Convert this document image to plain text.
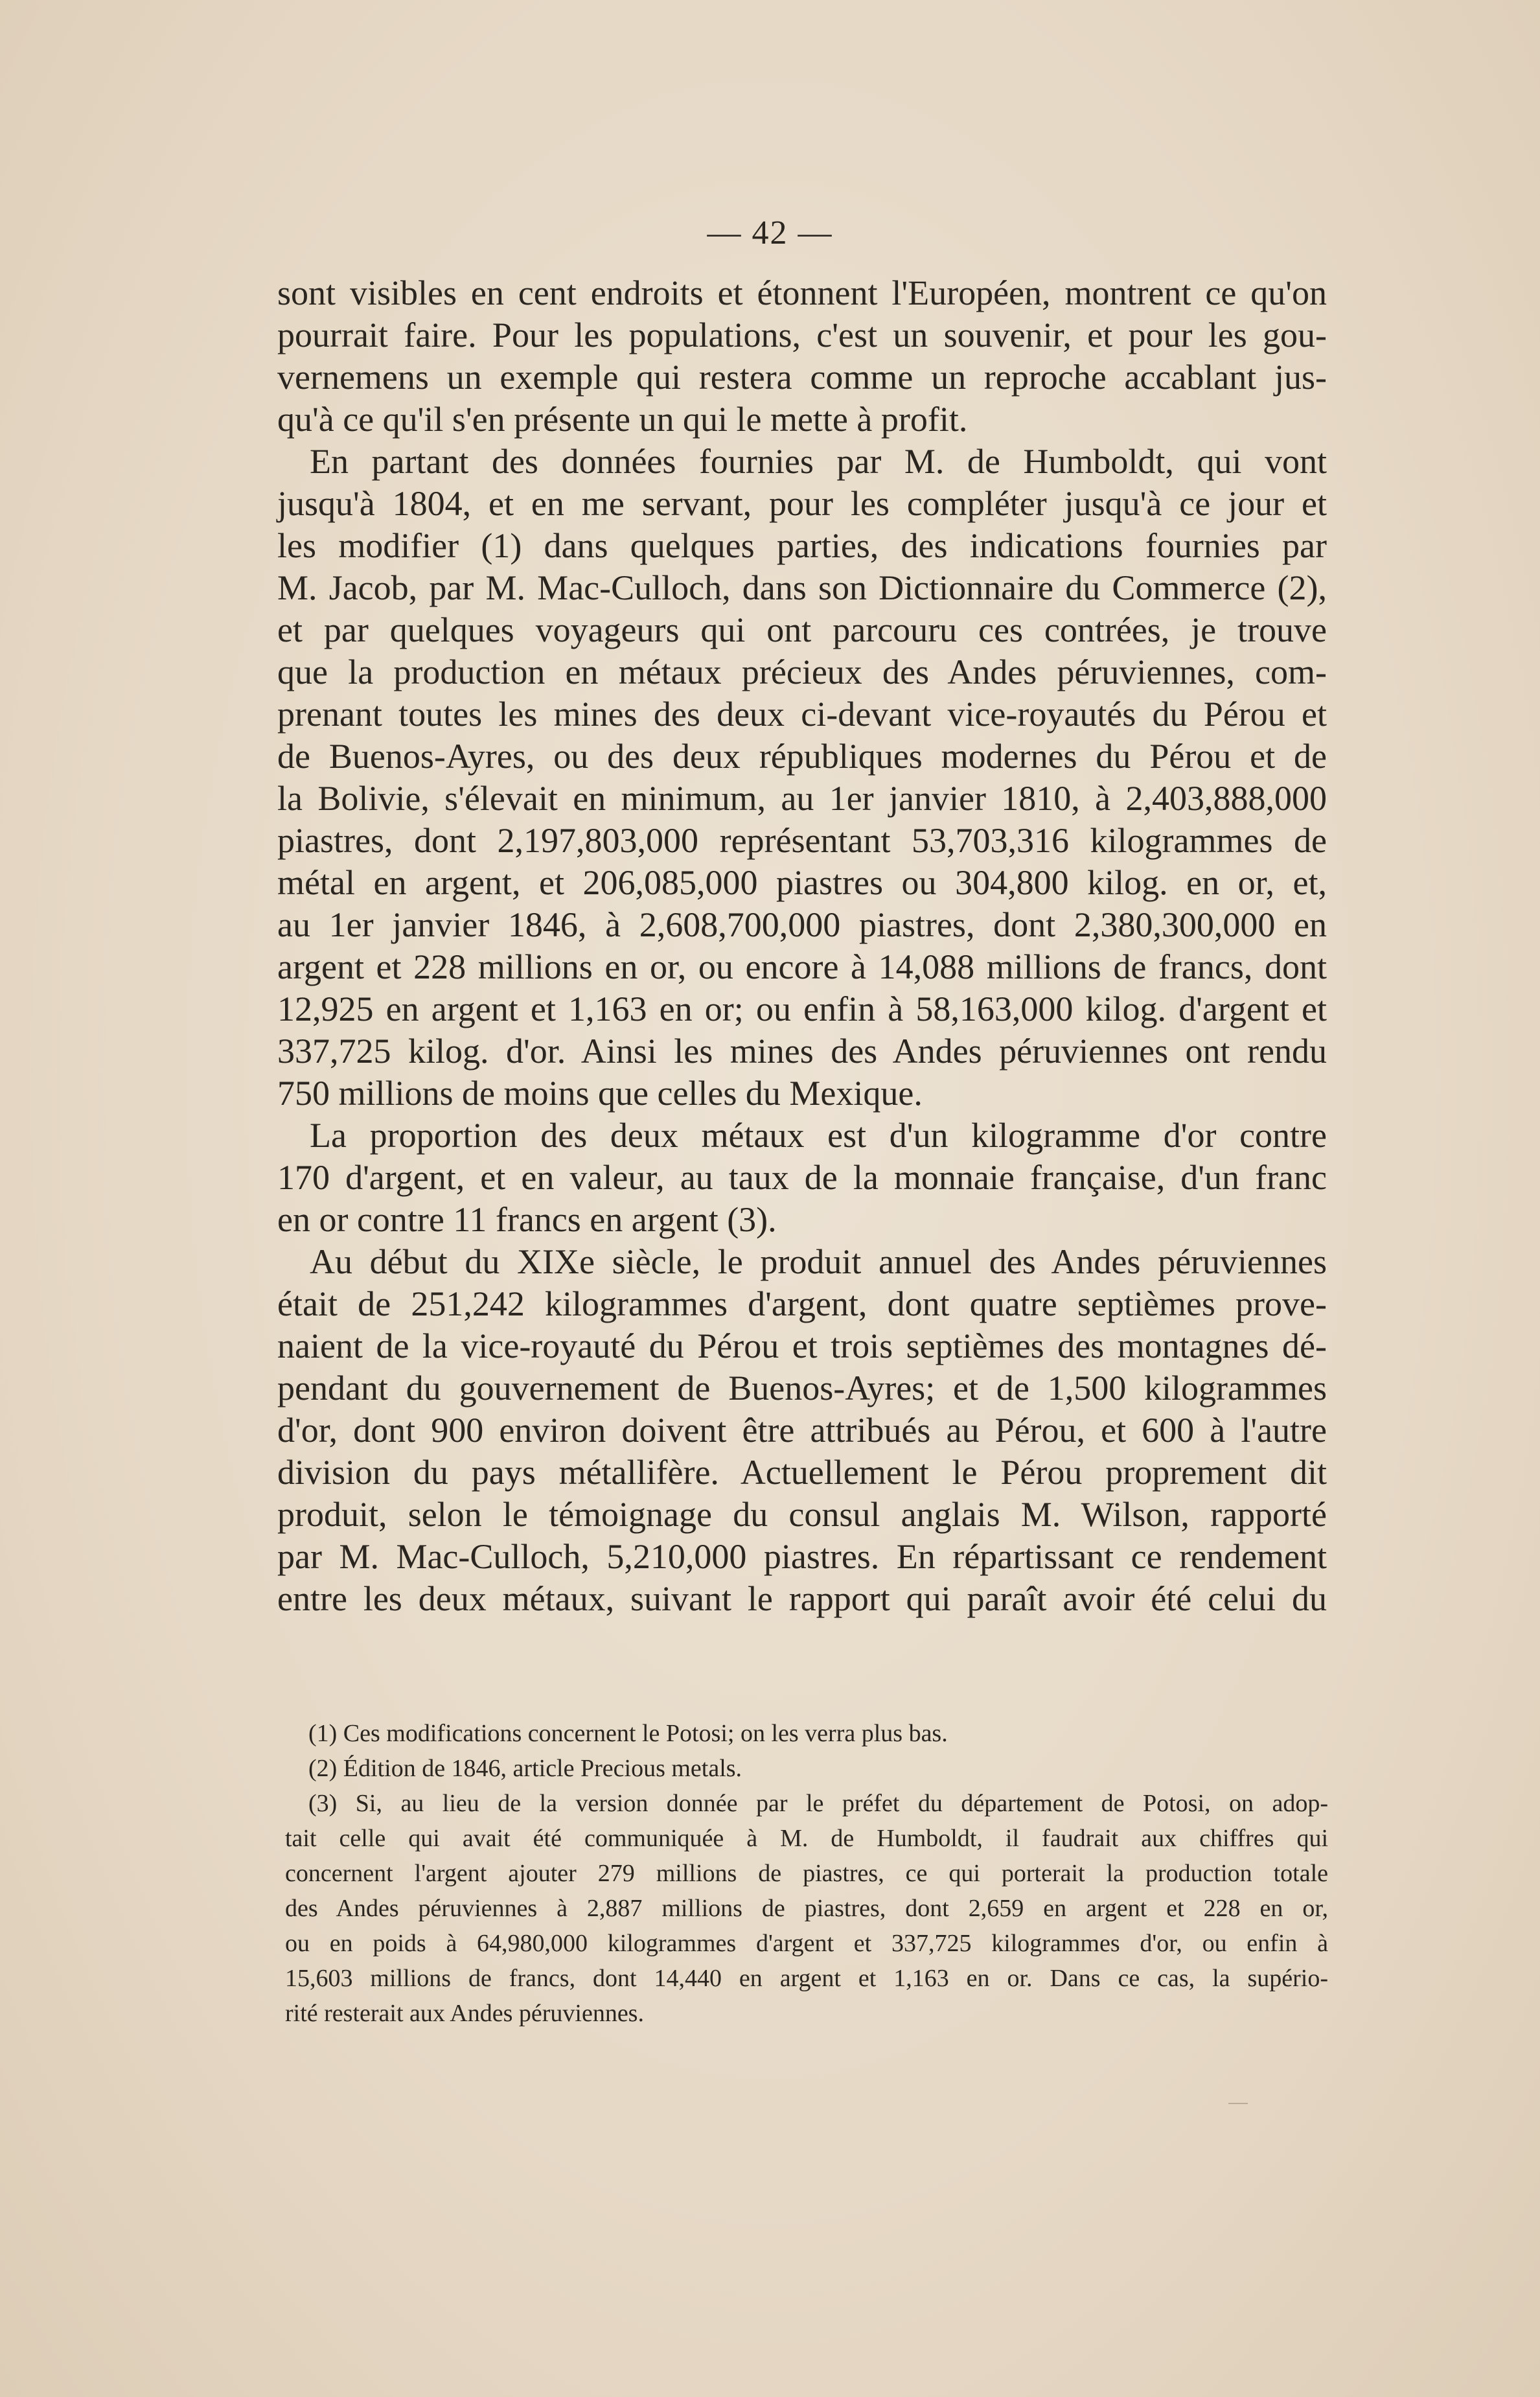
— 42 —
sont visibles en cent endroits et étonnent l'Européen, montrent ce qu'on
pourrait faire. Pour les populations, c'est un souvenir, et pour les gou-
vernemens un exemple qui restera comme un reproche accablant jus-
qu'à ce qu'il s'en présente un qui le mette à profit.
En partant des données fournies par M. de Humboldt, qui vont
jusqu'à 1804, et en me servant, pour les compléter jusqu'à ce jour et
les modifier (1) dans quelques parties, des indications fournies par
M. Jacob, par M. Mac-Culloch, dans son Dictionnaire du Commerce (2),
et par quelques voyageurs qui ont parcouru ces contrées, je trouve
que la production en métaux précieux des Andes péruviennes, com-
prenant toutes les mines des deux ci-devant vice-royautés du Pérou et
de Buenos-Ayres, ou des deux républiques modernes du Pérou et de
la Bolivie, s'élevait en minimum, au 1er janvier 1810, à 2,403,888,000
piastres, dont 2,197,803,000 représentant 53,703,316 kilogrammes de
métal en argent, et 206,085,000 piastres ou 304,800 kilog. en or, et,
au 1er janvier 1846, à 2,608,700,000 piastres, dont 2,380,300,000 en
argent et 228 millions en or, ou encore à 14,088 millions de francs, dont
12,925 en argent et 1,163 en or; ou enfin à 58,163,000 kilog. d'argent et
337,725 kilog. d'or. Ainsi les mines des Andes péruviennes ont rendu
750 millions de moins que celles du Mexique.
La proportion des deux métaux est d'un kilogramme d'or contre
170 d'argent, et en valeur, au taux de la monnaie française, d'un franc
en or contre 11 francs en argent (3).
Au début du XIXe siècle, le produit annuel des Andes péruviennes
était de 251,242 kilogrammes d'argent, dont quatre septièmes prove-
naient de la vice-royauté du Pérou et trois septièmes des montagnes dé-
pendant du gouvernement de Buenos-Ayres; et de 1,500 kilogrammes
d'or, dont 900 environ doivent être attribués au Pérou, et 600 à l'autre
division du pays métallifère. Actuellement le Pérou proprement dit
produit, selon le témoignage du consul anglais M. Wilson, rapporté
par M. Mac-Culloch, 5,210,000 piastres. En répartissant ce rendement
entre les deux métaux, suivant le rapport qui paraît avoir été celui du
(1) Ces modifications concernent le Potosi; on les verra plus bas.
(2) Édition de 1846, article Precious metals.
(3) Si, au lieu de la version donnée par le préfet du département de Potosi, on adop-
tait celle qui avait été communiquée à M. de Humboldt, il faudrait aux chiffres qui
concernent l'argent ajouter 279 millions de piastres, ce qui porterait la production totale
des Andes péruviennes à 2,887 millions de piastres, dont 2,659 en argent et 228 en or,
ou en poids à 64,980,000 kilogrammes d'argent et 337,725 kilogrammes d'or, ou enfin à
15,603 millions de francs, dont 14,440 en argent et 1,163 en or. Dans ce cas, la supério-
rité resterait aux Andes péruviennes.
